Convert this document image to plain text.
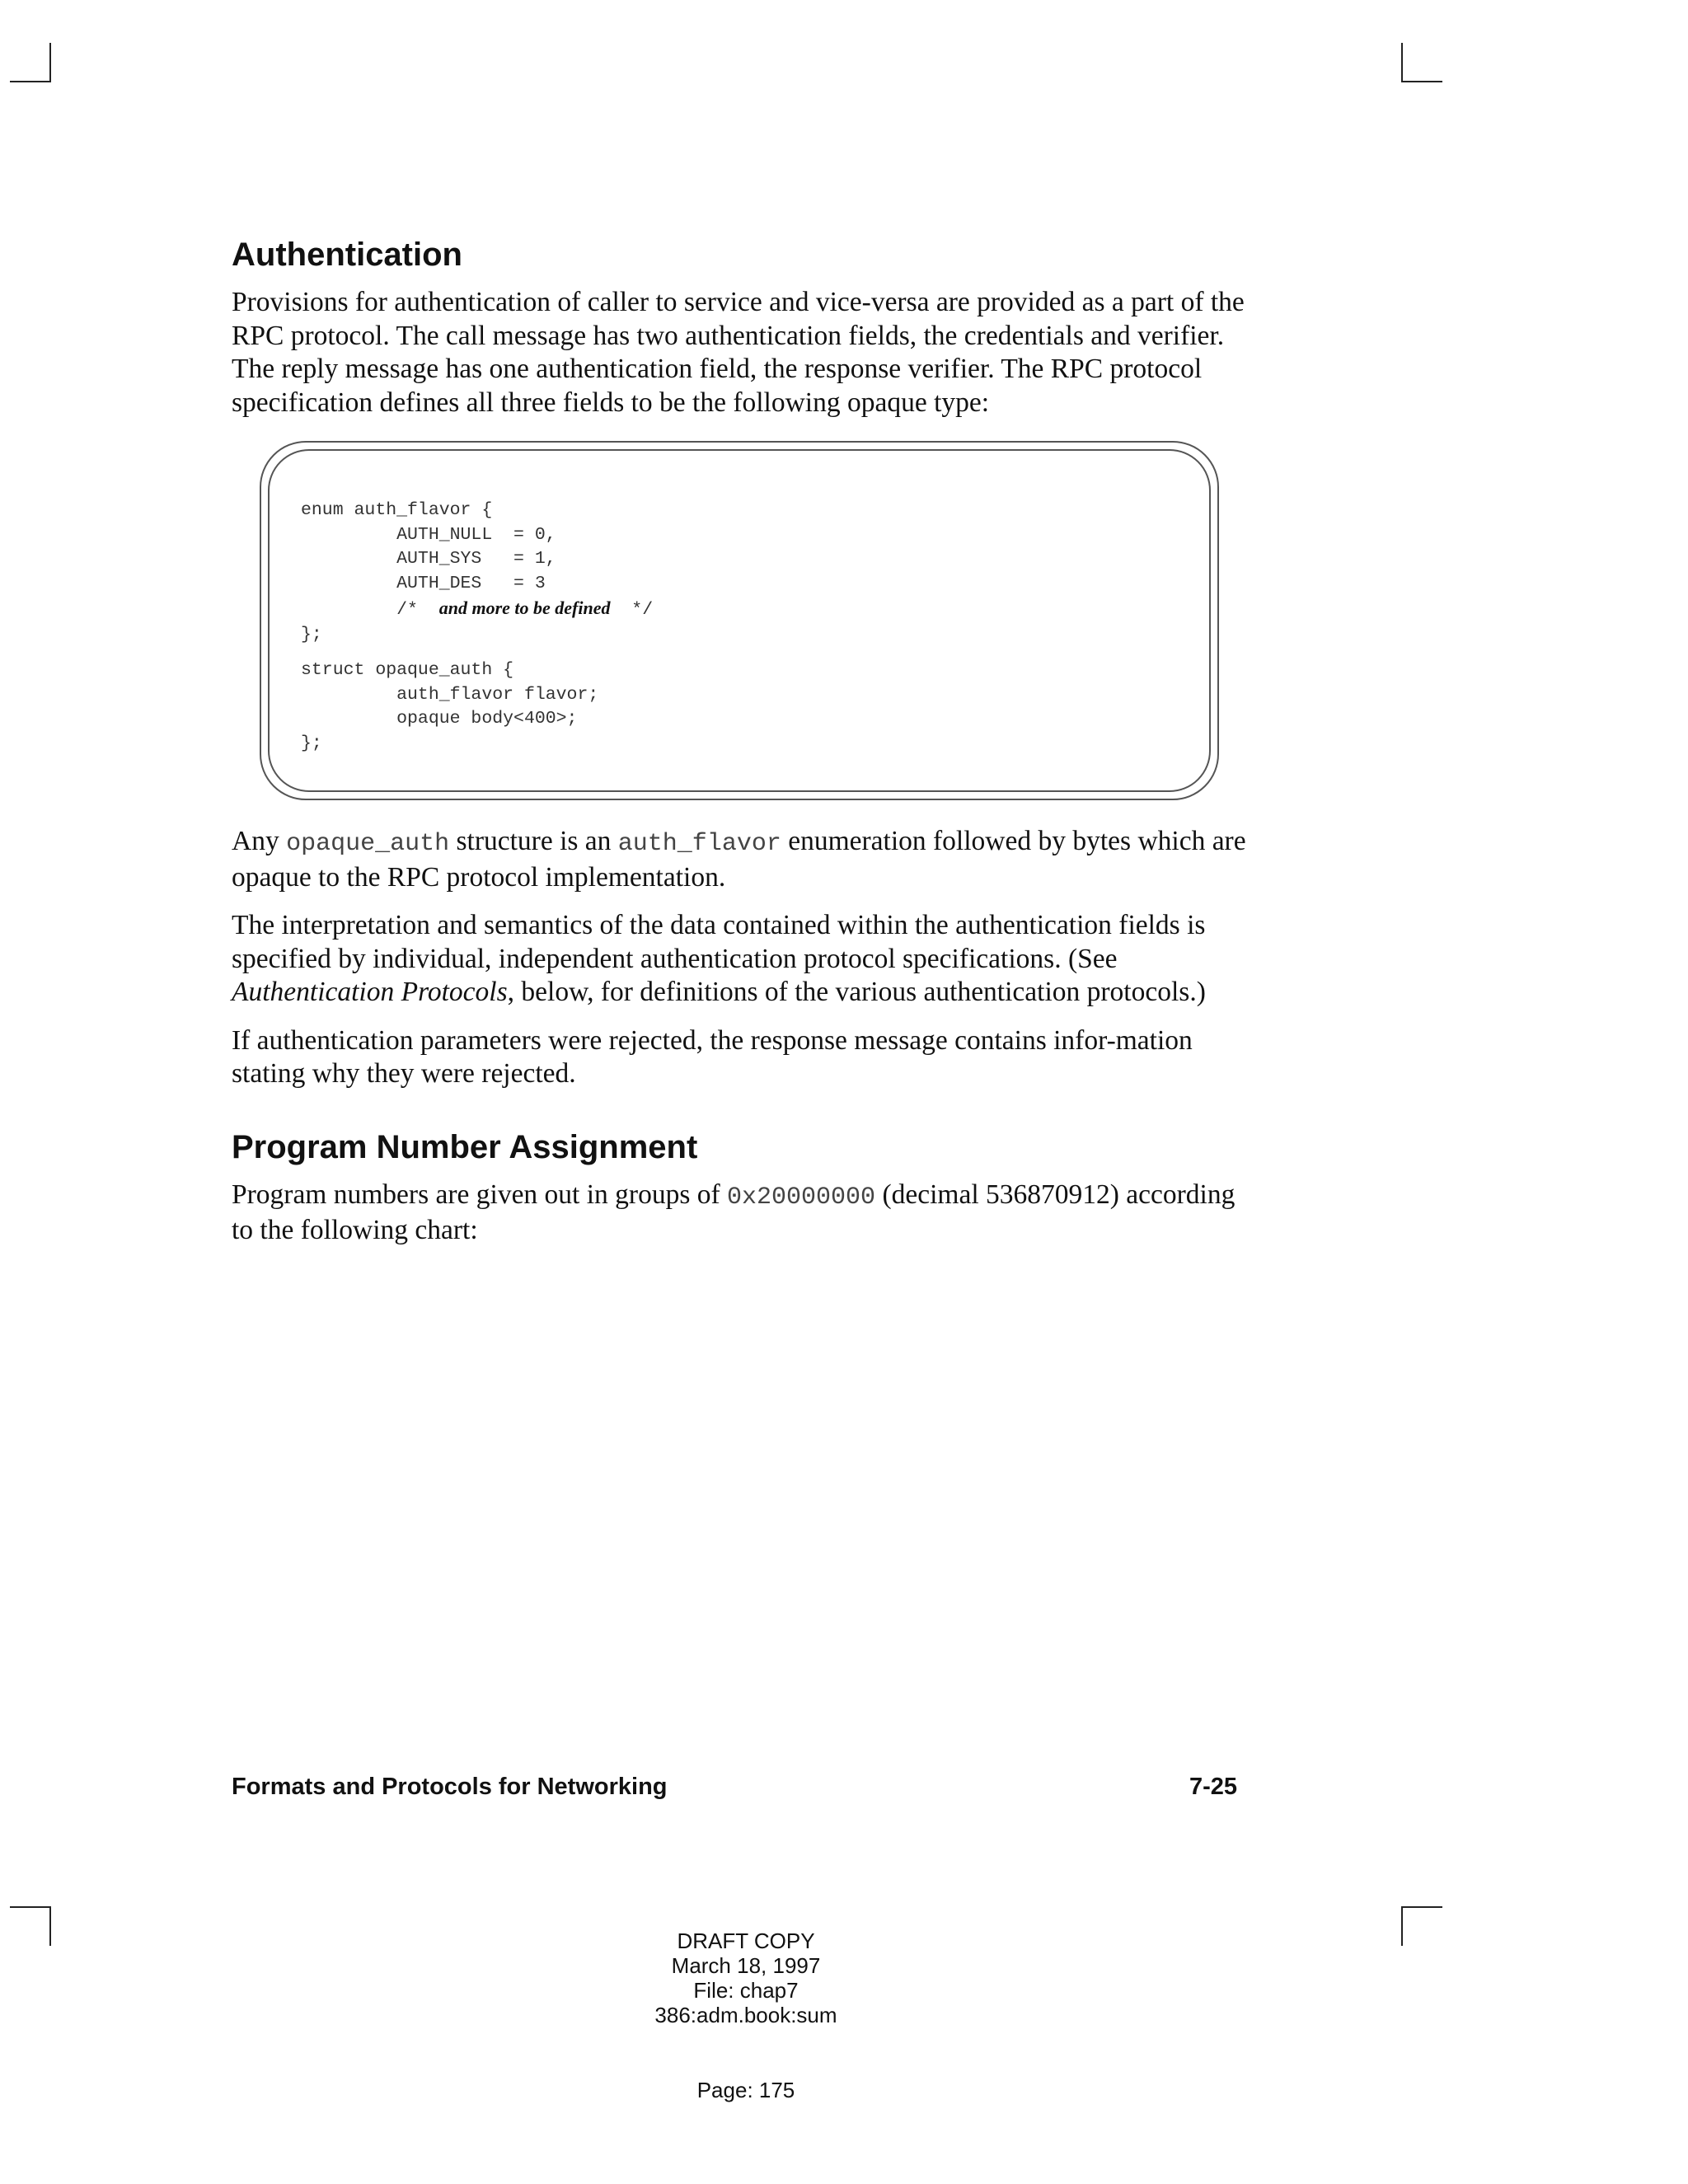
Authentication

Provisions for authentication of caller to service and vice-versa are provided as a part of the RPC protocol. The call message has two authentication fields, the credentials and verifier. The reply message has one authentication field, the response verifier. The RPC protocol specification defines all three fields to be the following opaque type:

enum auth_flavor {
AUTH_NULL  = 0,
AUTH_SYS   = 1,
AUTH_DES   = 3
/*  and more to be defined  */
};
struct opaque_auth {
auth_flavor flavor;
opaque body<400>;
};

Any opaque_auth structure is an auth_flavor enumeration followed by bytes which are opaque to the RPC protocol implementation.

The interpretation and semantics of the data contained within the authentication fields is specified by individual, independent authentication protocol specifications. (See Authentication Protocols, below, for definitions of the various authentication protocols.)

If authentication parameters were rejected, the response message contains infor-mation stating why they were rejected.

Program Number Assignment

Program numbers are given out in groups of 0x20000000 (decimal 536870912) according to the following chart:

Formats and Protocols for Networking	7-25
DRAFT COPY
March 18, 1997
File: chap7
386:adm.book:sum
Page: 175
